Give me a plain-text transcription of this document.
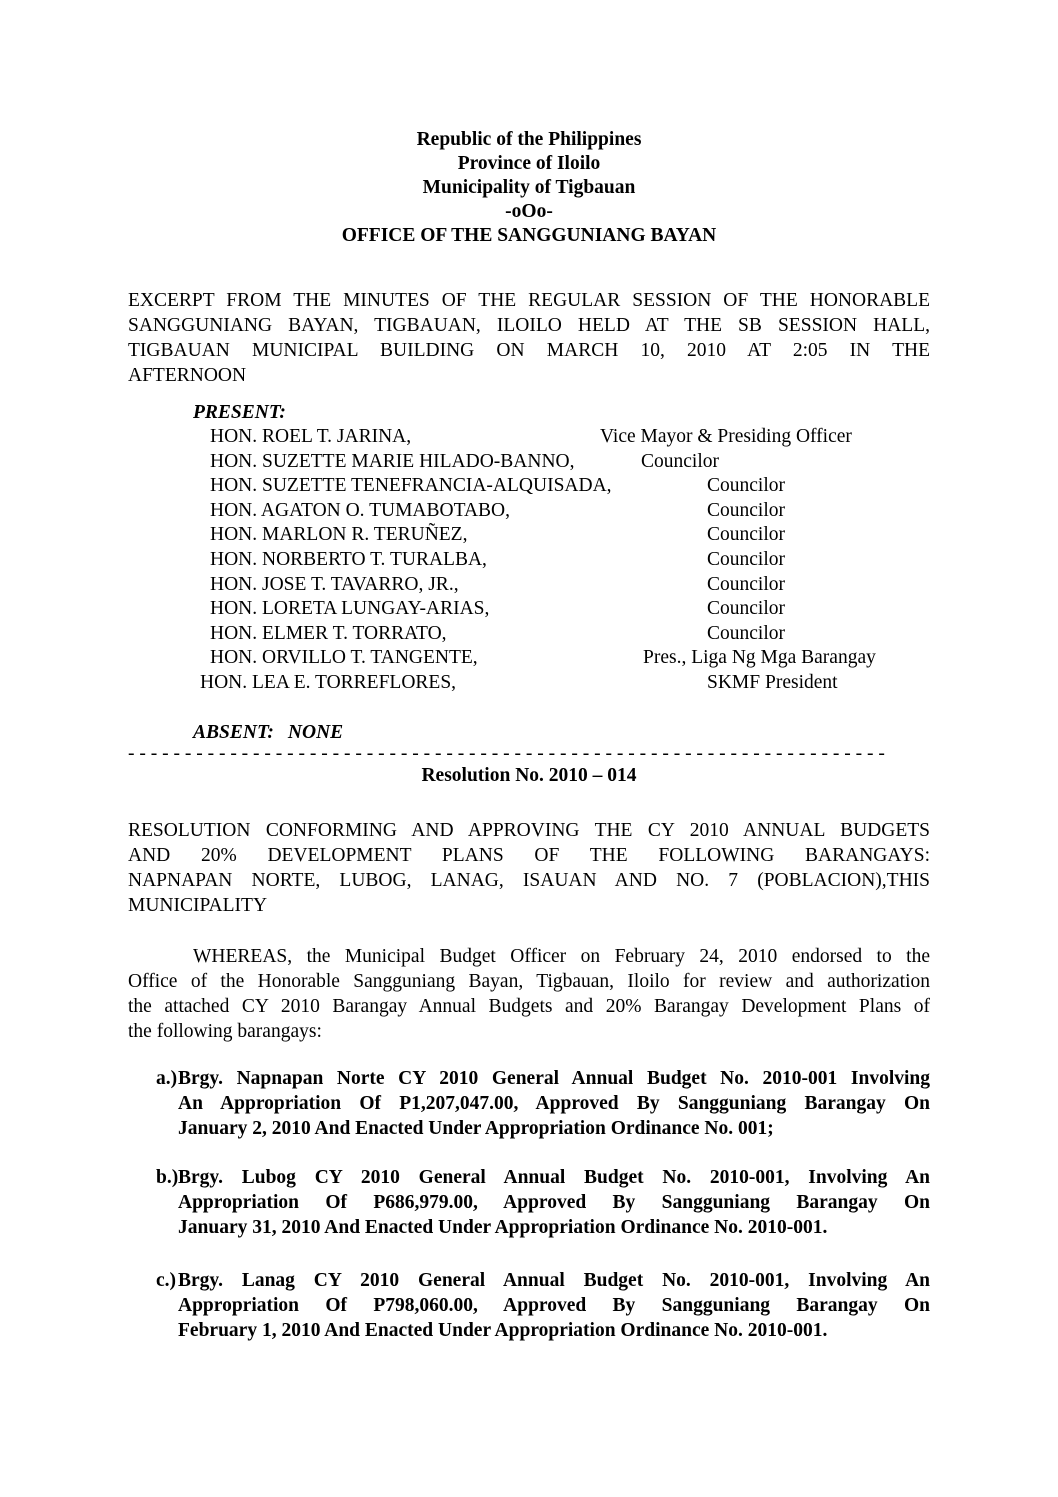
Republic of the Philippines
Province of Iloilo
Municipality of Tigbauan
-oOo-
OFFICE OF THE SANGGUNIANG BAYAN
EXCERPT FROM THE MINUTES OF THE REGULAR SESSION OF THE HONORABLE
SANGGUNIANG BAYAN, TIGBAUAN, ILOILO HELD AT THE SB SESSION HALL,
TIGBAUAN MUNICIPAL BUILDING ON MARCH 10, 2010 AT 2:05 IN THE
AFTERNOON
PRESENT:
HON. ROEL T. JARINA,	Vice Mayor & Presiding Officer
HON. SUZETTE MARIE HILADO-BANNO,	Councilor
HON. SUZETTE TENEFRANCIA-ALQUISADA,	Councilor
HON. AGATON O. TUMABOTABO,	Councilor
HON. MARLON R. TERUÑEZ,	Councilor
HON. NORBERTO T. TURALBA,	Councilor
HON. JOSE T. TAVARRO, JR.,	Councilor
HON. LORETA LUNGAY-ARIAS,	Councilor
HON. ELMER T. TORRATO,	Councilor
HON. ORVILLO T. TANGENTE,	Pres., Liga Ng Mga Barangay
HON. LEA E. TORREFLORES,	SKMF President
ABSENT: NONE
- - - - - - - - - - - - - - - - - - - - - - - - - - - - - - - - - - - - - - - - - - - - - - - - - - - - - - - - - - - - - - - - - - -
Resolution No. 2010 – 014
RESOLUTION CONFORMING AND APPROVING THE CY 2010 ANNUAL BUDGETS
AND 20% DEVELOPMENT PLANS OF THE FOLLOWING BARANGAYS:
NAPNAPAN NORTE, LUBOG, LANAG, ISAUAN AND NO. 7 (POBLACION),THIS
MUNICIPALITY
WHEREAS, the Municipal Budget Officer on February 24, 2010 endorsed to the
Office of the Honorable Sangguniang Bayan, Tigbauan, Iloilo for review and authorization
the attached CY 2010 Barangay Annual Budgets and 20% Barangay Development Plans of
the following barangays:
a.) Brgy. Napnapan Norte CY 2010 General Annual Budget No. 2010-001 Involving
An Appropriation Of P1,207,047.00, Approved By Sangguniang Barangay On
January 2, 2010 And Enacted Under Appropriation Ordinance No. 001;
b.) Brgy. Lubog CY 2010 General Annual Budget No. 2010-001, Involving An
Appropriation Of P686,979.00, Approved By Sangguniang Barangay On
January 31, 2010 And Enacted Under Appropriation Ordinance No. 2010-001.
c.) Brgy. Lanag CY 2010 General Annual Budget No. 2010-001, Involving An
Appropriation Of P798,060.00, Approved By Sangguniang Barangay On
February 1, 2010 And Enacted Under Appropriation Ordinance No. 2010-001.
